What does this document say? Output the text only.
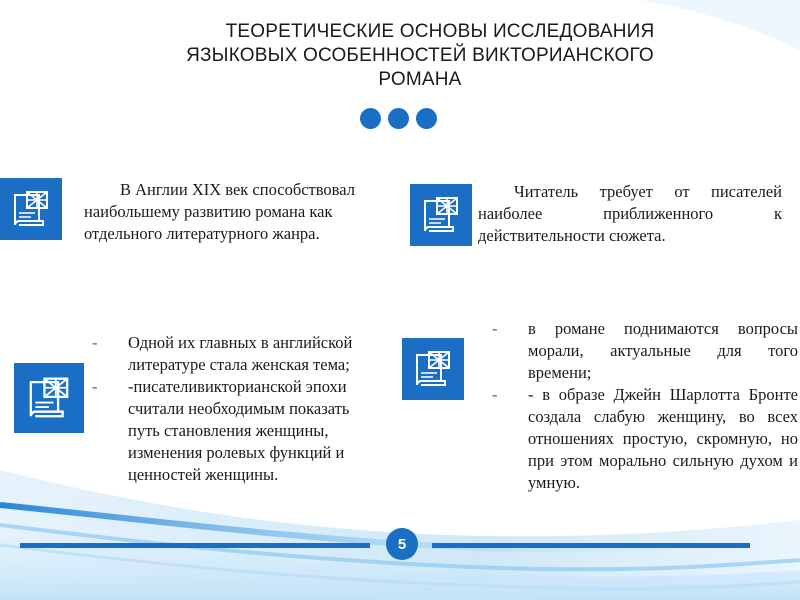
ТЕОРЕТИЧЕСКИЕ ОСНОВЫ ИССЛЕДОВАНИЯ
ЯЗЫКОВЫХ ОСОБЕННОСТЕЙ ВИКТОРИАНСКОГО
РОМАНА
В Англии XIX век способствовал наибольшему развитию романа как отдельного литературного жанра.
Читатель требует от писателей наиболее приближенного к действительности сюжета.
- Одной их главных в английской литературе стала женская тема;
- -писателивикторианской эпохи считали необходимым показать путь становления женщины, изменения ролевых функций и ценностей женщины.
- в романе поднимаются вопросы морали, актуальные для того времени;
- - в образе Джейн Шарлотта Бронте создала слабую женщину, во всех отношениях простую, скромную, но при этом морально сильную духом и умную.
5
